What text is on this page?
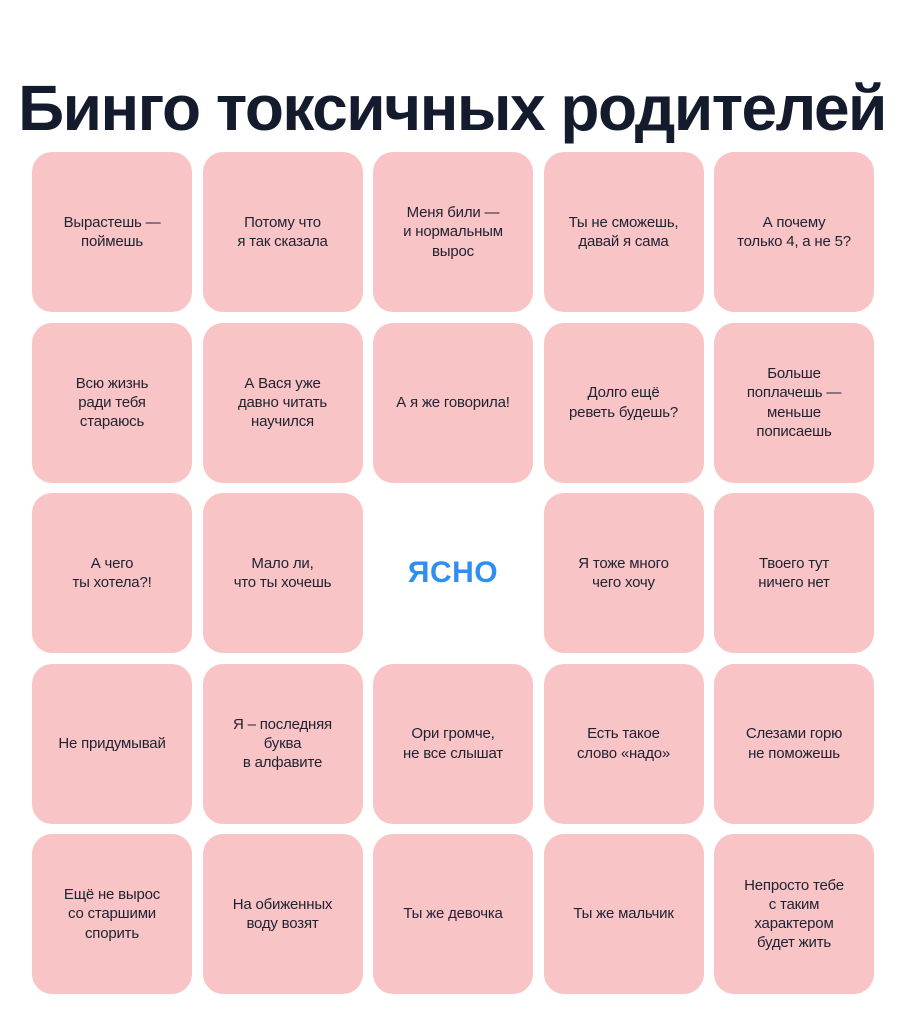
Бинго токсичных родителей
Вырастешь —
поймешь
Потому что
я так сказала
Меня били —
и нормальным
вырос
Ты не сможешь,
давай я сама
А почему
только 4, а не 5?
Всю жизнь
ради тебя
стараюсь
А Вася уже
давно читать
научился
А я же говорила!
Долго ещё
реветь будешь?
Больше
поплачешь —
меньше
пописаешь
А чего
ты хотела?!
Мало ли,
что ты хочешь	ЯСНО	Я тоже много
чего хочу
Твоего тут
ничего нет
Не придумывай
Я – последняя
буква
в алфавите
Ори громче,
не все слышат
Есть такое
слово «надо»
Слезами горю
не поможешь
Ещё не вырос
со старшими
спорить
На обиженных
воду возят
Ты же девочка	Ты же мальчик
Непросто тебе
с таким
характером
будет жить
